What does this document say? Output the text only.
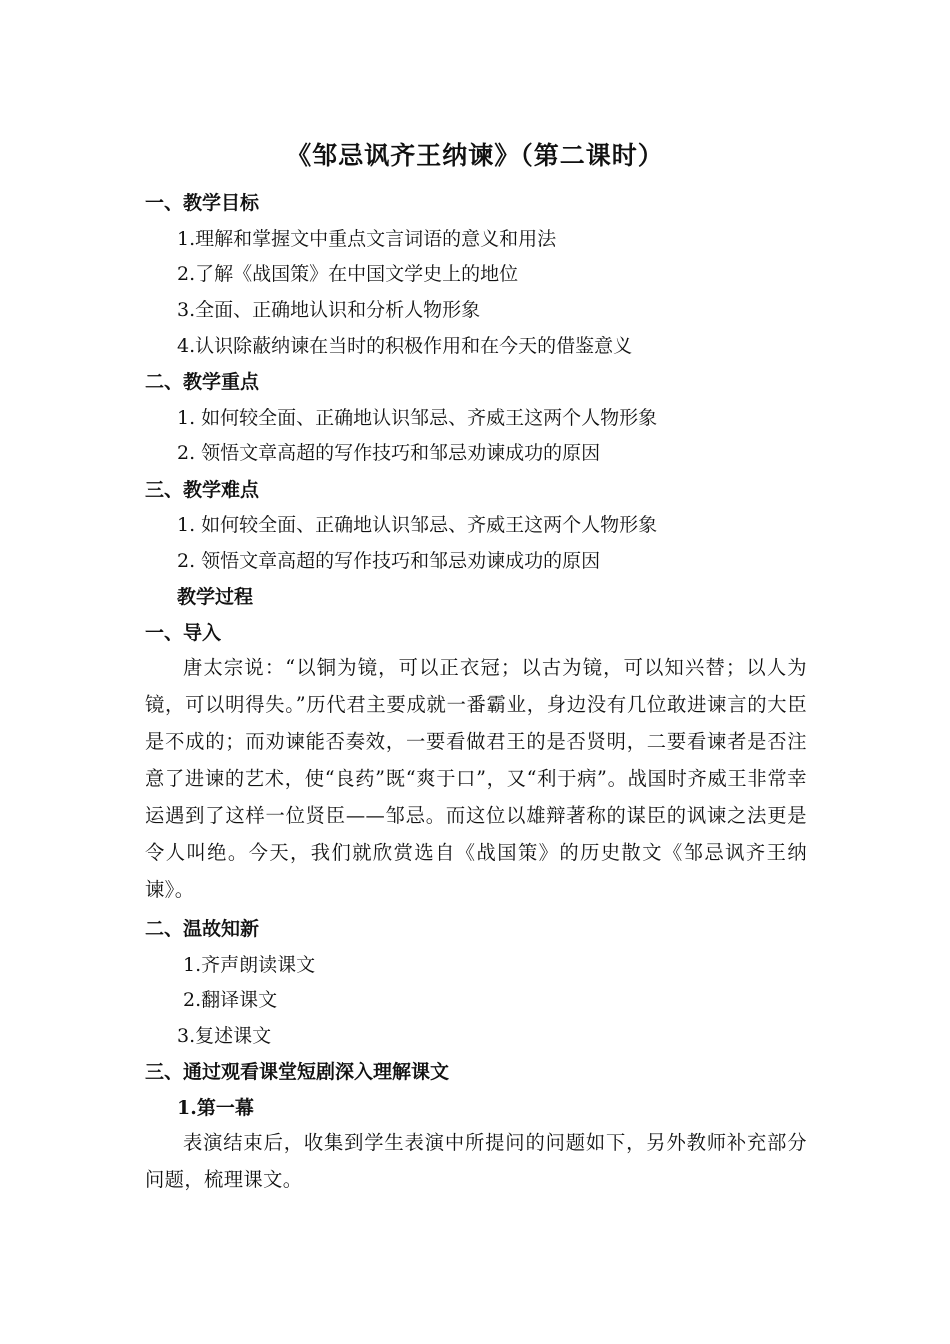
《邹忌讽齐王纳谏》（第二课时）
一、教学目标
1.理解和掌握文中重点文言词语的意义和用法
2.了解《战国策》在中国文学史上的地位
3.全面、正确地认识和分析人物形象
4.认识除蔽纳谏在当时的积极作用和在今天的借鉴意义
二、教学重点
1. 如何较全面、正确地认识邹忌、齐威王这两个人物形象
2. 领悟文章高超的写作技巧和邹忌劝谏成功的原因
三、教学难点
1. 如何较全面、正确地认识邹忌、齐威王这两个人物形象
2. 领悟文章高超的写作技巧和邹忌劝谏成功的原因
教学过程
一、导入
唐太宗说：“以铜为镜，可以正衣冠；以古为镜，可以知兴替；以人为镜，可以明得失。”历代君主要成就一番霸业，身边没有几位敢进谏言的大臣是不成的；而劝谏能否奏效，一要看做君王的是否贤明，二要看谏者是否注意了进谏的艺术，使“良药”既“爽于口”，又“利于病”。战国时齐威王非常幸运遇到了这样一位贤臣——邹忌。而这位以雄辩著称的谋臣的讽谏之法更是令人叫绝。今天，我们就欣赏选自《战国策》的历史散文《邹忌讽齐王纳谏》。
二、温故知新
1.齐声朗读课文
2.翻译课文
3.复述课文
三、通过观看课堂短剧深入理解课文
1.第一幕
表演结束后，收集到学生表演中所提问的问题如下，另外教师补充部分问题，梳理课文。
